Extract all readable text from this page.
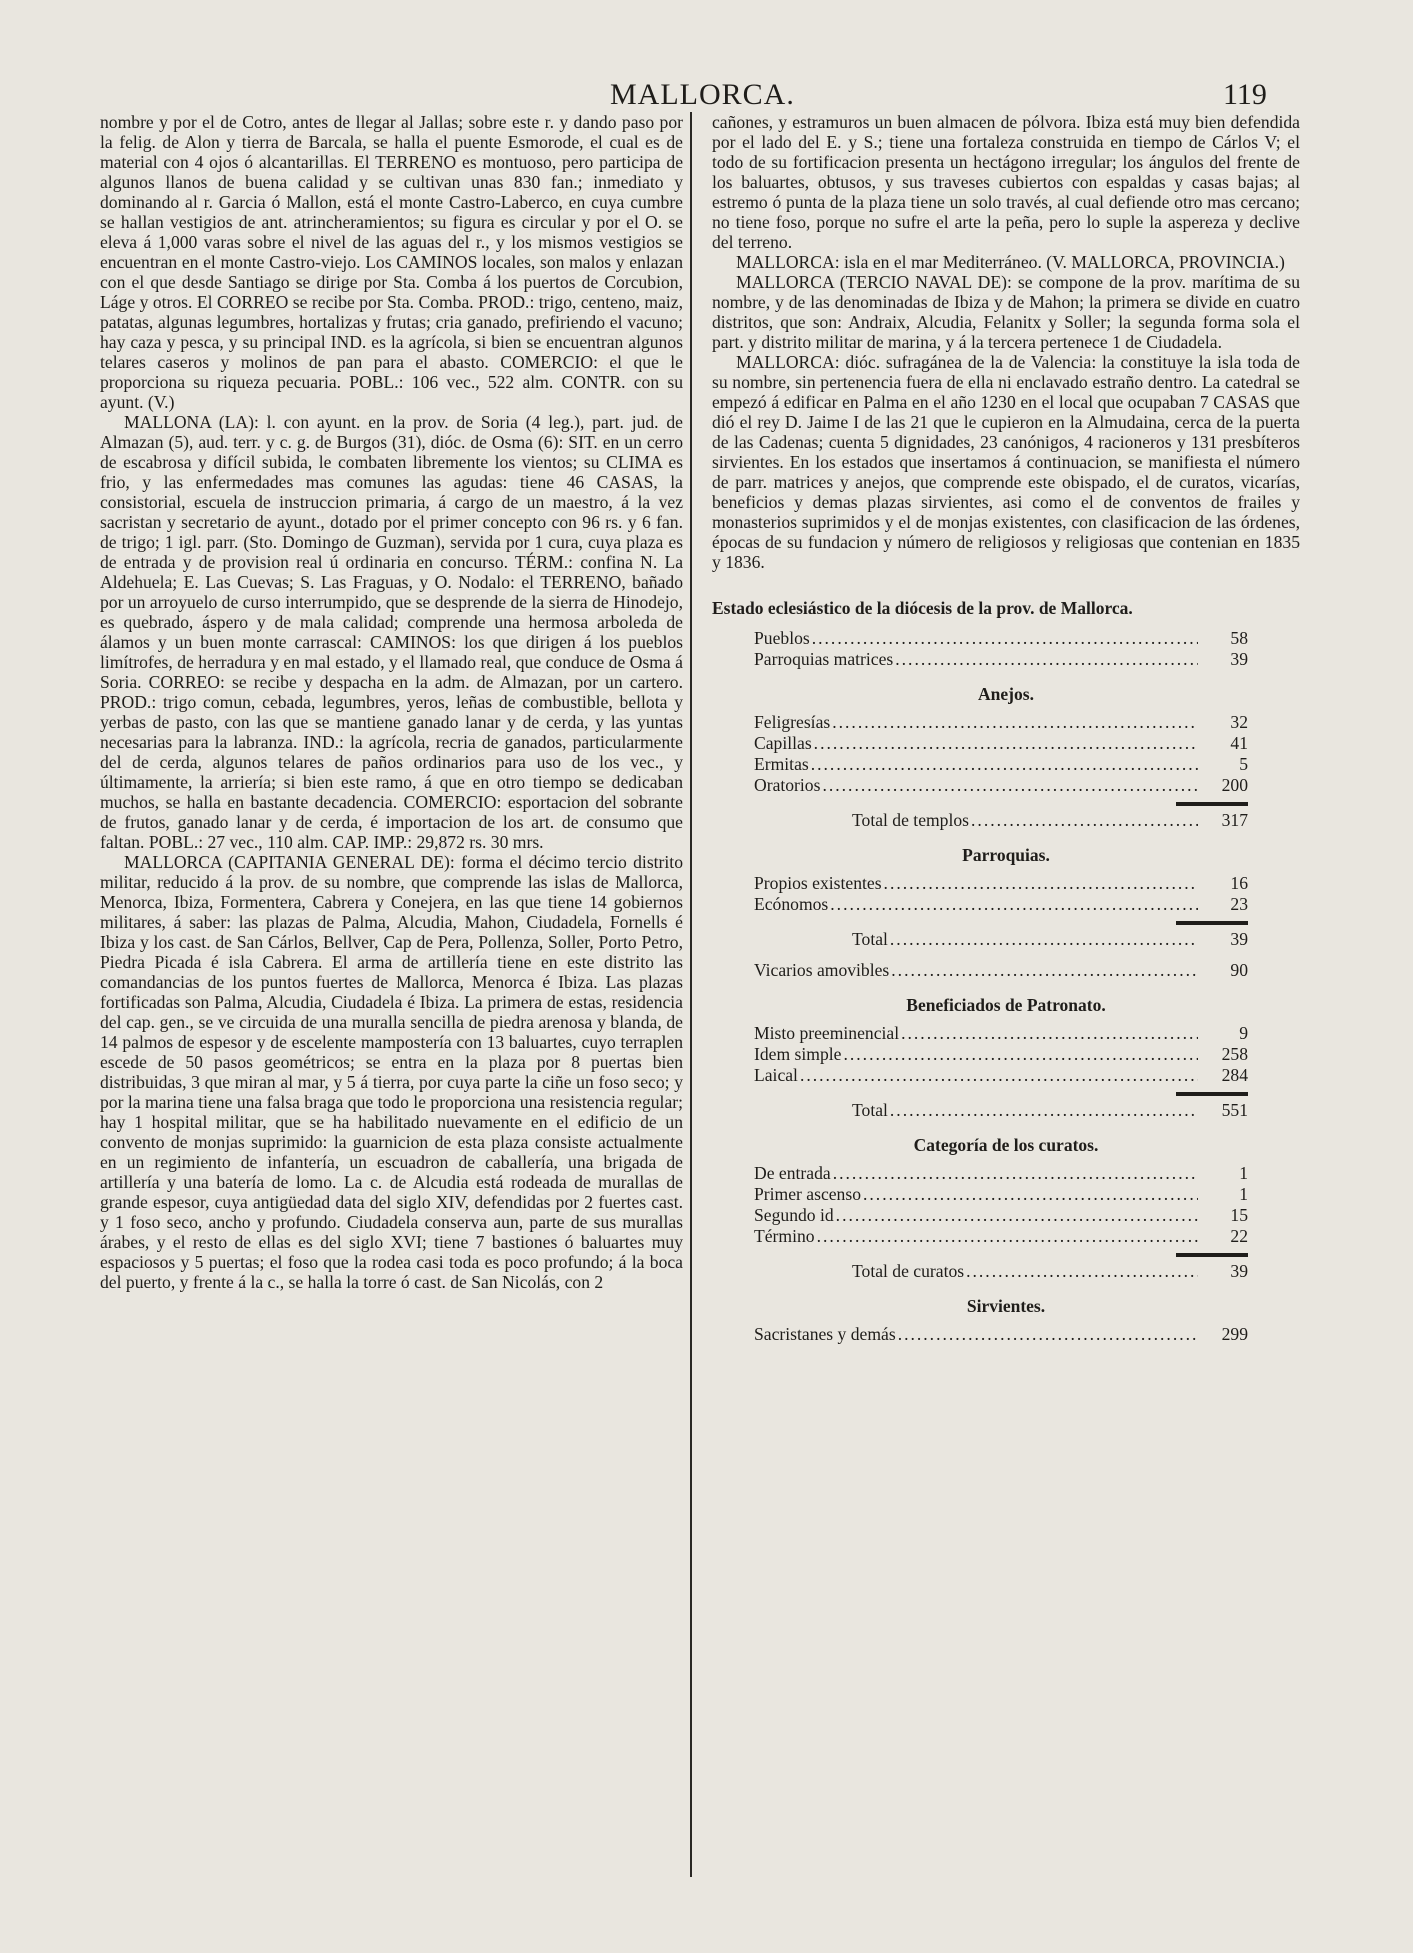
MALLORCA.	119

nombre y por el de Cotro, antes de llegar al Jallas; sobre este r. y dando paso por la felig. de Alon y tierra de Barcala, se halla el puente Esmorode, el cual es de material con 4 ojos ó alcantarillas. El TERRENO es montuoso, pero participa de algunos llanos de buena calidad y se cultivan unas 830 fan.; inmediato y dominando al r. Garcia ó Mallon, está el monte Castro-Laberco, en cuya cumbre se hallan vestigios de ant. atrincheramientos; su figura es circular y por el O. se eleva á 1,000 varas sobre el nivel de las aguas del r., y los mismos vestigios se encuentran en el monte Castro-viejo. Los CAMINOS locales, son malos y enlazan con el que desde Santiago se dirige por Sta. Comba á los puertos de Corcubion, Láge y otros. El CORREO se recibe por Sta. Comba. PROD.: trigo, centeno, maiz, patatas, algunas legumbres, hortalizas y frutas; cria ganado, prefiriendo el vacuno; hay caza y pesca, y su principal IND. es la agrícola, si bien se encuentran algunos telares caseros y molinos de pan para el abasto. COMERCIO: el que le proporciona su riqueza pecuaria. POBL.: 106 vec., 522 alm. CONTR. con su ayunt. (V.)

MALLONA (LA): l. con ayunt. en la prov. de Soria (4 leg.), part. jud. de Almazan (5), aud. terr. y c. g. de Burgos (31), dióc. de Osma (6): SIT. en un cerro de escabrosa y difícil subida, le combaten libremente los vientos; su CLIMA es frio, y las enfermedades mas comunes las agudas: tiene 46 CASAS, la consistorial, escuela de instruccion primaria, á cargo de un maestro, á la vez sacristan y secretario de ayunt., dotado por el primer concepto con 96 rs. y 6 fan. de trigo; 1 igl. parr. (Sto. Domingo de Guzman), servida por 1 cura, cuya plaza es de entrada y de provision real ú ordinaria en concurso. TÉRM.: confina N. La Aldehuela; E. Las Cuevas; S. Las Fraguas, y O. Nodalo: el TERRENO, bañado por un arroyuelo de curso interrumpido, que se desprende de la sierra de Hinodejo, es quebrado, áspero y de mala calidad; comprende una hermosa arboleda de álamos y un buen monte carrascal: CAMINOS: los que dirigen á los pueblos limítrofes, de herradura y en mal estado, y el llamado real, que conduce de Osma á Soria. CORREO: se recibe y despacha en la adm. de Almazan, por un cartero. PROD.: trigo comun, cebada, legumbres, yeros, leñas de combustible, bellota y yerbas de pasto, con las que se mantiene ganado lanar y de cerda, y las yuntas necesarias para la labranza. IND.: la agrícola, recria de ganados, particularmente del de cerda, algunos telares de paños ordinarios para uso de los vec., y últimamente, la arriería; si bien este ramo, á que en otro tiempo se dedicaban muchos, se halla en bastante decadencia. COMERCIO: esportacion del sobrante de frutos, ganado lanar y de cerda, é importacion de los art. de consumo que faltan. POBL.: 27 vec., 110 alm. CAP. IMP.: 29,872 rs. 30 mrs.

MALLORCA (CAPITANIA GENERAL DE): forma el décimo tercio distrito militar, reducido á la prov. de su nombre, que comprende las islas de Mallorca, Menorca, Ibiza, Formentera, Cabrera y Conejera, en las que tiene 14 gobiernos militares, á saber: las plazas de Palma, Alcudia, Mahon, Ciudadela, Fornells é Ibiza y los cast. de San Cárlos, Bellver, Cap de Pera, Pollenza, Soller, Porto Petro, Piedra Picada é isla Cabrera. El arma de artillería tiene en este distrito las comandancias de los puntos fuertes de Mallorca, Menorca é Ibiza. Las plazas fortificadas son Palma, Alcudia, Ciudadela é Ibiza. La primera de estas, residencia del cap. gen., se ve circuida de una muralla sencilla de piedra arenosa y blanda, de 14 palmos de espesor y de escelente mampostería con 13 baluartes, cuyo terraplen escede de 50 pasos geométricos; se entra en la plaza por 8 puertas bien distribuidas, 3 que miran al mar, y 5 á tierra, por cuya parte la ciñe un foso seco; y por la marina tiene una falsa braga que todo le proporciona una resistencia regular; hay 1 hospital militar, que se ha habilitado nuevamente en el edificio de un convento de monjas suprimido: la guarnicion de esta plaza consiste actualmente en un regimiento de infantería, un escuadron de caballería, una brigada de artillería y una batería de lomo. La c. de Alcudia está rodeada de murallas de grande espesor, cuya antigüedad data del siglo XIV, defendidas por 2 fuertes cast. y 1 foso seco, ancho y profundo. Ciudadela conserva aun, parte de sus murallas árabes, y el resto de ellas es del siglo XVI; tiene 7 bastiones ó baluartes muy espaciosos y 5 puertas; el foso que la rodea casi toda es poco profundo; á la boca del puerto, y frente á la c., se halla la torre ó cast. de San Nicolás, con 2

cañones, y estramuros un buen almacen de pólvora. Ibiza está muy bien defendida por el lado del E. y S.; tiene una fortaleza construida en tiempo de Cárlos V; el todo de su fortificacion presenta un hectágono irregular; los ángulos del frente de los baluartes, obtusos, y sus traveses cubiertos con espaldas y casas bajas; al estremo ó punta de la plaza tiene un solo través, al cual defiende otro mas cercano; no tiene foso, porque no sufre el arte la peña, pero lo suple la aspereza y declive del terreno.

MALLORCA: isla en el mar Mediterráneo. (V. MALLORCA, PROVINCIA.)

MALLORCA (TERCIO NAVAL DE): se compone de la prov. marítima de su nombre, y de las denominadas de Ibiza y de Mahon; la primera se divide en cuatro distritos, que son: Andraix, Alcudia, Felanitx y Soller; la segunda forma sola el part. y distrito militar de marina, y á la tercera pertenece 1 de Ciudadela.

MALLORCA: dióc. sufragánea de la de Valencia: la constituye la isla toda de su nombre, sin pertenencia fuera de ella ni enclavado estraño dentro. La catedral se empezó á edificar en Palma en el año 1230 en el local que ocupaban 7 CASAS que dió el rey D. Jaime I de las 21 que le cupieron en la Almudaina, cerca de la puerta de las Cadenas; cuenta 5 dignidades, 23 canónigos, 4 racioneros y 131 presbíteros sirvientes. En los estados que insertamos á continuacion, se manifiesta el número de parr. matrices y anejos, que comprende este obispado, el de curatos, vicarías, beneficios y demas plazas sirvientes, asi como el de conventos de frailes y monasterios suprimidos y el de monjas existentes, con clasificacion de las órdenes, épocas de su fundacion y número de religiosos y religiosas que contenian en 1835 y 1836.

Estado eclesiástico de la diócesis de la prov. de Mallorca.
Pueblos .....	58
Parroquias matrices .....	39
Anejos.
Feligresías .....	32
Capillas .....	41
Ermitas .....	5
Oratorios .....	200
Total de templos .....	317
Parroquias.
Propios existentes .....	16
Ecónomos .....	23
Total .....	39
Vicarios amovibles .....	90
Beneficiados de Patronato.
Misto preeminencial .....	9
Idem simple .....	258
Laical .....	284
Total .....	551
Categoría de los curatos.
De entrada .....	1
Primer ascenso .....	1
Segundo id .....	15
Término .....	22
Total de curatos .....	39
Sirvientes.
Sacristanes y demás .....	299
